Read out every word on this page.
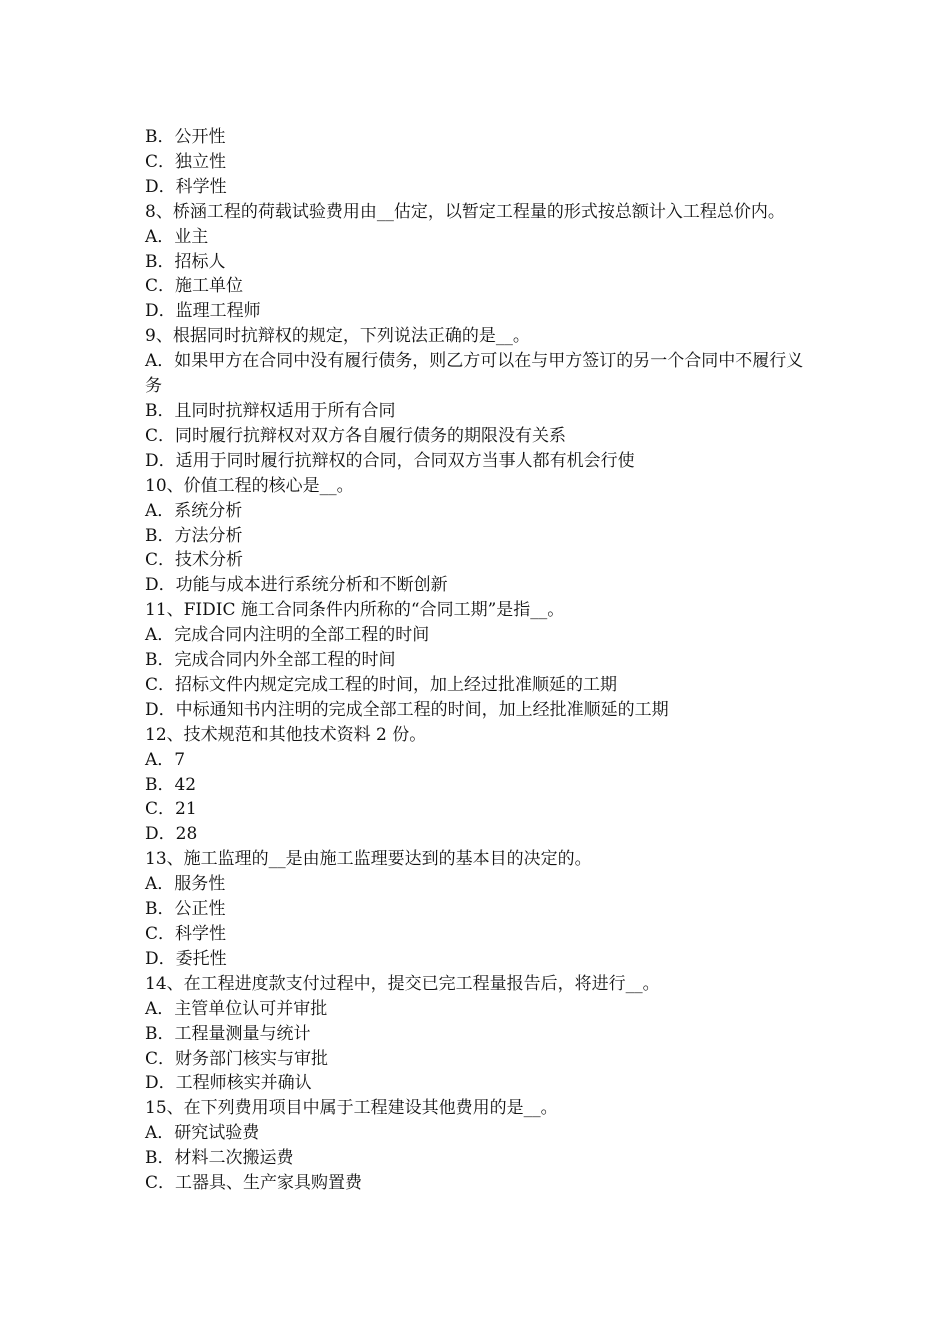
B．公开性

C．独立性

D．科学性

8、桥涵工程的荷载试验费用由__估定，以暂定工程量的形式按总额计入工程总价内。

A．业主

B．招标人

C．施工单位

D．监理工程师

9、根据同时抗辩权的规定，下列说法正确的是__。

A．如果甲方在合同中没有履行债务，则乙方可以在与甲方签订的另一个合同中不履行义务

B．且同时抗辩权适用于所有合同

C．同时履行抗辩权对双方各自履行债务的期限没有关系

D．适用于同时履行抗辩权的合同，合同双方当事人都有机会行使

10、价值工程的核心是__。

A．系统分析

B．方法分析

C．技术分析

D．功能与成本进行系统分析和不断创新

11、FIDIC 施工合同条件内所称的“合同工期”是指__。

A．完成合同内注明的全部工程的时间

B．完成合同内外全部工程的时间

C．招标文件内规定完成工程的时间，加上经过批准顺延的工期

D．中标通知书内注明的完成全部工程的时间，加上经批准顺延的工期

12、技术规范和其他技术资料 2 份。

A．7

B．42

C．21

D．28

13、施工监理的__是由施工监理要达到的基本目的决定的。

A．服务性

B．公正性

C．科学性

D．委托性

14、在工程进度款支付过程中，提交已完工程量报告后，将进行__。

A．主管单位认可并审批

B．工程量测量与统计

C．财务部门核实与审批

D．工程师核实并确认

15、在下列费用项目中属于工程建设其他费用的是__。

A．研究试验费

B．材料二次搬运费

C．工器具、生产家具购置费
